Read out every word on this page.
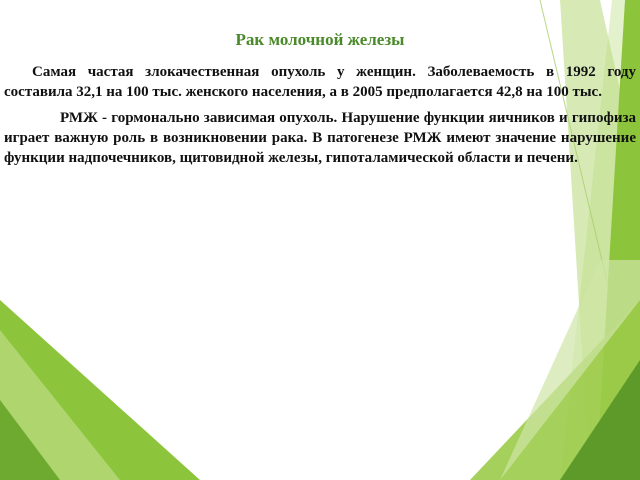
Рак молочной железы

Самая частая злокачественная опухоль у женщин. Заболеваемость в 1992 году составила 32,1 на 100 тыс. женского населения, а в 2005 предполагается 42,8 на 100 тыс.

РМЖ - гормонально зависимая опухоль. Нарушение функции яичников и гипофиза играет важную роль в возникновении рака. В патогенезе РМЖ имеют значение нарушение функции надпочечников, щитовидной железы, гипоталамической области и печени.
